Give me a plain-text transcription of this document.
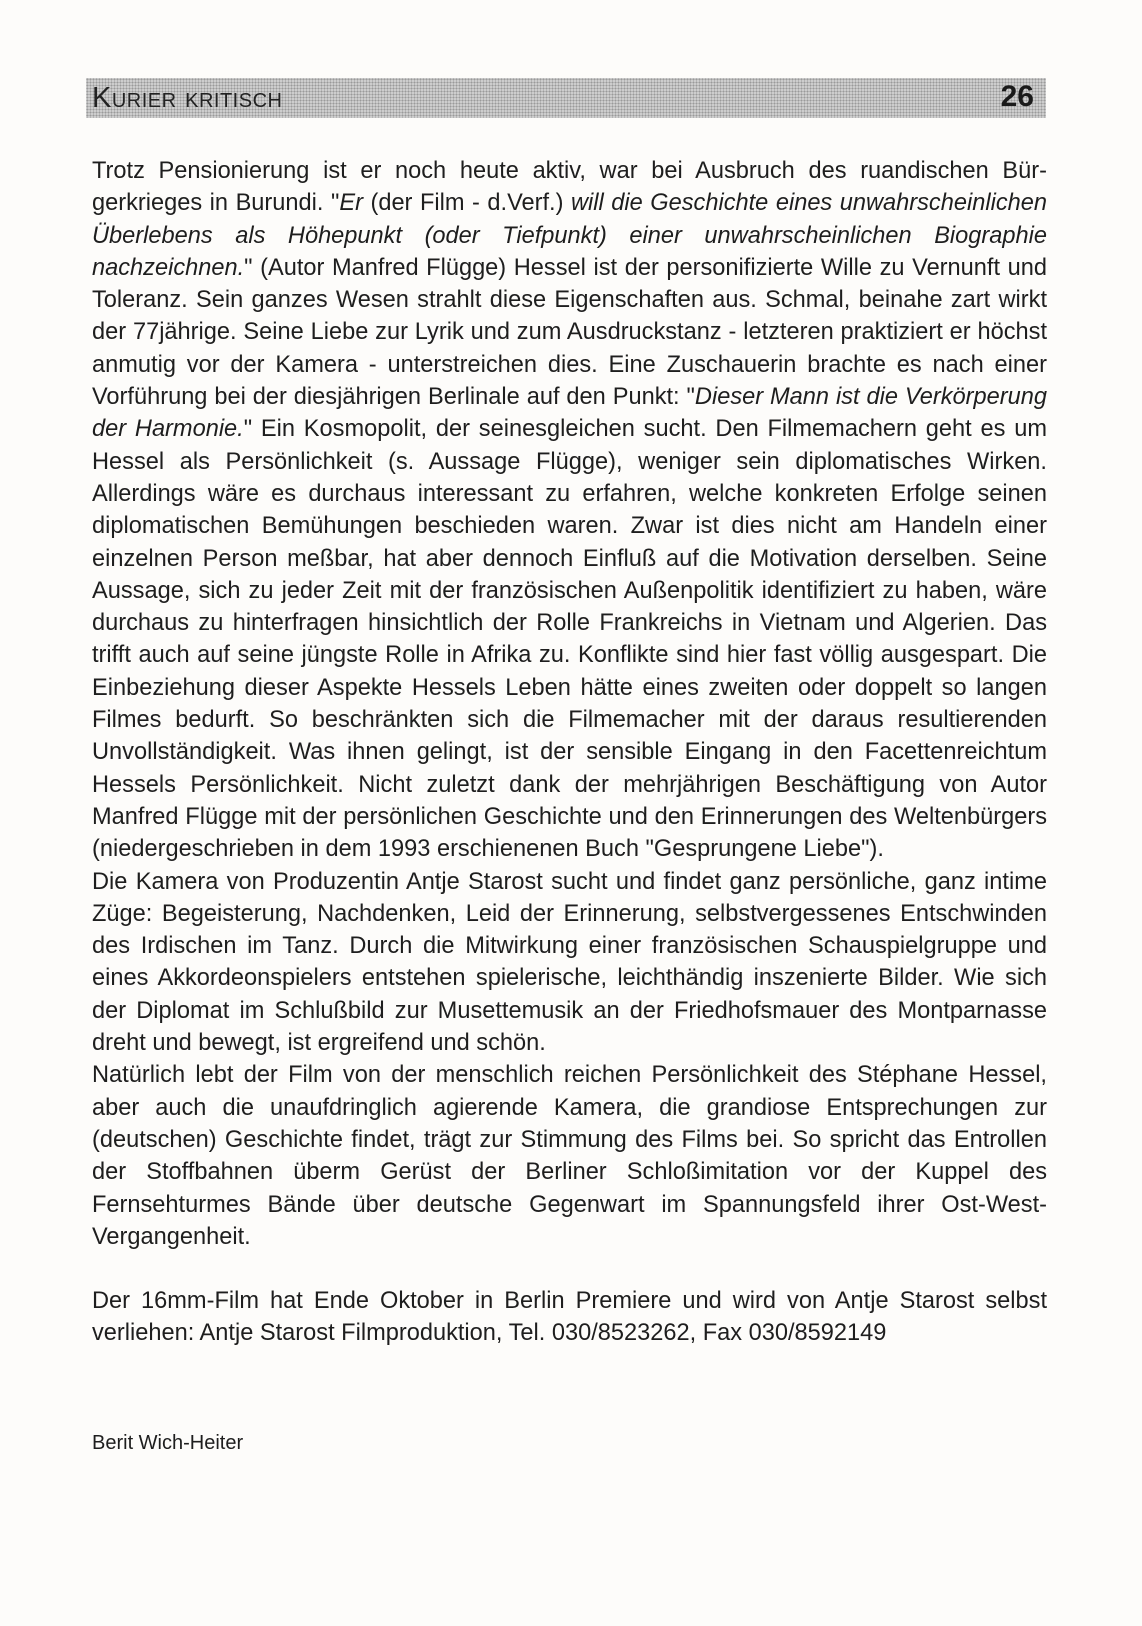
Kurier kritisch	26

Trotz Pensionierung ist er noch heute aktiv, war bei Ausbruch des ruandischen Bürgerkrieges in Burundi. "Er (der Film - d.Verf.) will die Geschichte eines unwahrscheinlichen Überlebens als Höhepunkt (oder Tiefpunkt) einer unwahrscheinlichen Biographie nachzeichnen." (Autor Manfred Flügge) Hessel ist der personifizierte Wille zu Vernunft und Toleranz. Sein ganzes Wesen strahlt diese Eigenschaften aus. Schmal, beinahe zart wirkt der 77jährige. Seine Liebe zur Lyrik und zum Ausdruckstanz - letzteren praktiziert er höchst anmutig vor der Kamera - unterstreichen dies. Eine Zuschauerin brachte es nach einer Vorführung bei der diesjährigen Berlinale auf den Punkt: "Dieser Mann ist die Verkörperung der Harmonie." Ein Kosmopolit, der seinesgleichen sucht. Den Filmemachern geht es um Hessel als Persönlichkeit (s. Aussage Flügge), weniger sein diplomatisches Wirken. Allerdings wäre es durchaus interessant zu erfahren, welche konkreten Erfolge seinen diplomatischen Bemühungen beschieden waren. Zwar ist dies nicht am Handeln einer einzelnen Person meßbar, hat aber dennoch Einfluß auf die Motivation derselben. Seine Aussage, sich zu jeder Zeit mit der französischen Außenpolitik identifiziert zu haben, wäre durchaus zu hinterfragen hinsichtlich der Rolle Frankreichs in Vietnam und Algerien. Das trifft auch auf seine jüngste Rolle in Afrika zu. Konflikte sind hier fast völlig ausgespart. Die Einbeziehung dieser Aspekte Hessels Leben hätte eines zweiten oder doppelt so langen Filmes bedurft. So beschränkten sich die Filmemacher mit der daraus resultierenden Unvollständigkeit. Was ihnen gelingt, ist der sensible Eingang in den Facettenreichtum Hessels Persönlichkeit. Nicht zuletzt dank der mehrjährigen Beschäftigung von Autor Manfred Flügge mit der persönlichen Geschichte und den Erinnerungen des Weltenbürgers (niedergeschrieben in dem 1993 erschienenen Buch "Gesprungene Liebe").

Die Kamera von Produzentin Antje Starost sucht und findet ganz persönliche, ganz intime Züge: Begeisterung, Nachdenken, Leid der Erinnerung, selbstvergessenes Entschwinden des Irdischen im Tanz. Durch die Mitwirkung einer französischen Schauspielgruppe und eines Akkordeonspielers entstehen spielerische, leichthändig inszenierte Bilder. Wie sich der Diplomat im Schlußbild zur Musettemusik an der Friedhofsmauer des Montparnasse dreht und bewegt, ist ergreifend und schön.

Natürlich lebt der Film von der menschlich reichen Persönlichkeit des Stéphane Hessel, aber auch die unaufdringlich agierende Kamera, die grandiose Entsprechungen zur (deutschen) Geschichte findet, trägt zur Stimmung des Films bei. So spricht das Entrollen der Stoffbahnen überm Gerüst der Berliner Schloßimitation vor der Kuppel des Fernsehturmes Bände über deutsche Gegenwart im Spannungsfeld ihrer Ost-West-Vergangenheit.

Der 16mm-Film hat Ende Oktober in Berlin Premiere und wird von Antje Starost selbst verliehen: Antje Starost Filmproduktion, Tel. 030/8523262, Fax 030/8592149

Berit Wich-Heiter
